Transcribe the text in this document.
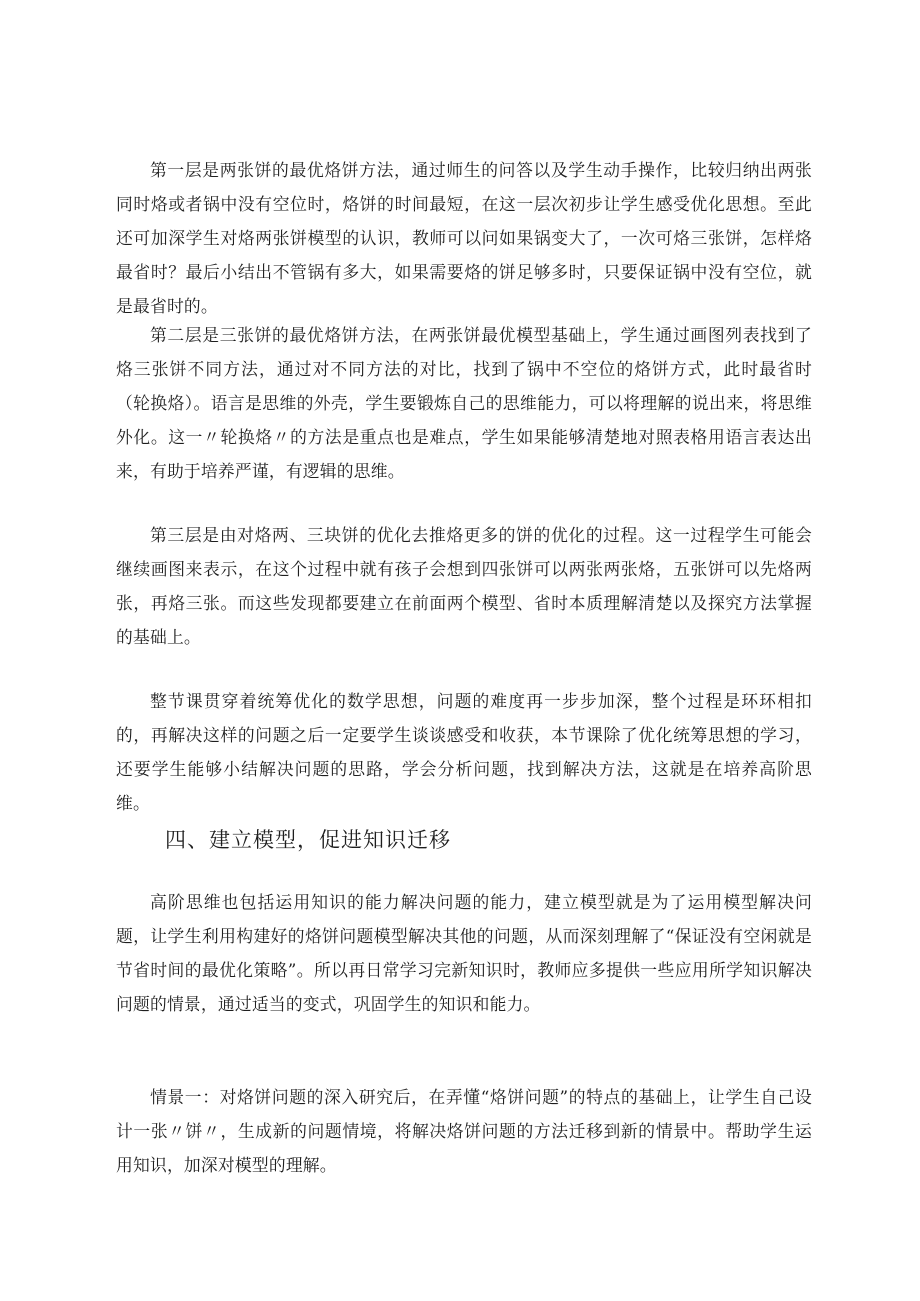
第一层是两张饼的最优烙饼方法，通过师生的问答以及学生动手操作，比较归纳出两张同时烙或者锅中没有空位时，烙饼的时间最短，在这一层次初步让学生感受优化思想。至此还可加深学生对烙两张饼模型的认识，教师可以问如果锅变大了，一次可烙三张饼，怎样烙最省时？最后小结出不管锅有多大，如果需要烙的饼足够多时，只要保证锅中没有空位，就是最省时的。

第二层是三张饼的最优烙饼方法，在两张饼最优模型基础上，学生通过画图列表找到了烙三张饼不同方法，通过对不同方法的对比，找到了锅中不空位的烙饼方式，此时最省时（轮换烙）。语言是思维的外壳，学生要锻炼自己的思维能力，可以将理解的说出来，将思维外化。这一〃轮换烙〃的方法是重点也是难点，学生如果能够清楚地对照表格用语言表达出来，有助于培养严谨，有逻辑的思维。

第三层是由对烙两、三块饼的优化去推烙更多的饼的优化的过程。这一过程学生可能会继续画图来表示，在这个过程中就有孩子会想到四张饼可以两张两张烙，五张饼可以先烙两张，再烙三张。而这些发现都要建立在前面两个模型、省时本质理解清楚以及探究方法掌握的基础上。

整节课贯穿着统筹优化的数学思想，问题的难度再一步步加深，整个过程是环环相扣的，再解决这样的问题之后一定要学生谈谈感受和收获，本节课除了优化统筹思想的学习，还要学生能够小结解决问题的思路，学会分析问题，找到解决方法，这就是在培养高阶思维。

四、建立模型，促进知识迁移

高阶思维也包括运用知识的能力解决问题的能力，建立模型就是为了运用模型解决问题，让学生利用构建好的烙饼问题模型解决其他的问题，从而深刻理解了“保证没有空闲就是节省时间的最优化策略”。所以再日常学习完新知识时，教师应多提供一些应用所学知识解决问题的情景，通过适当的变式，巩固学生的知识和能力。

情景一：对烙饼问题的深入研究后，在弄懂“烙饼问题”的特点的基础上，让学生自己设计一张〃饼〃，生成新的问题情境，将解决烙饼问题的方法迁移到新的情景中。帮助学生运用知识，加深对模型的理解。
